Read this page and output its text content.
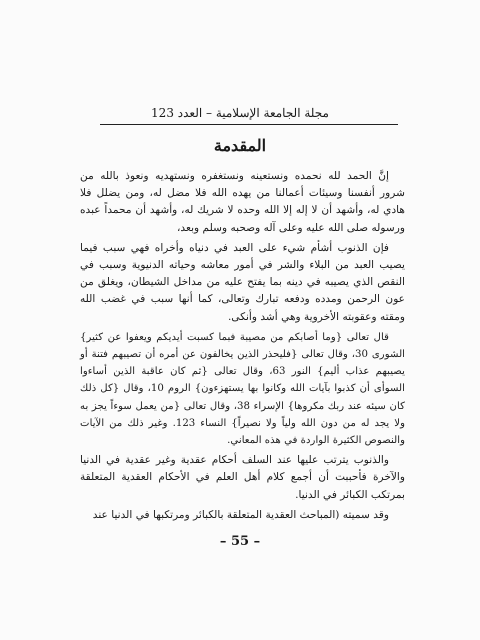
مجلة الجامعة الإسلامية – العدد 123
المقدمة

إنَّ الحمد لله نحمده ونستعينه ونستغفره ونستهديه ونعوذ بالله من شرور أنفسنا وسيئات أعمالنا من يهده الله فلا مضل له، ومن يضلل فلا هادي له، وأشهد أن لا إله إلا الله وحده لا شريك له، وأشهد أن محمداً عبده ورسوله صلى الله عليه وعلى آله وصحبه وسلم وبعد،

فإن الذنوب أشأم شيء على العبد في دنياه وأخراه فهي سبب فيما يصيب العبد من البلاء والشر في أمور معاشه وحياته الدنيوية وسبب في النقص الذي يصيبه في دينه بما يفتح عليه من مداخل الشيطان، ويغلق من عون الرحمن ومدده ودفعه تبارك وتعالى، كما أنها سبب في غضب الله ومقته وعقوبته الأخروية وهي أشد وأنكى.

قال تعالى {وما أصابكم من مصيبة فبما كسبت أيديكم ويعفوا عن كثير} الشورى 30، وقال تعالى {فليحذر الذين يخالفون عن أمره أن تصيبهم فتنة أو يصيبهم عذاب أليم} النور 63، وقال تعالى {ثم كان عاقبة الذين أساءوا السوأى أن كذبوا بآيات الله وكانوا بها يستهزءون} الروم 10، وقال {كل ذلك كان سيئه عند ربك مكروها} الإسراء 38، وقال تعالى {من يعمل سوءاً يجز به ولا يجد له من دون الله ولياً ولا نصيراً} النساء 123. وغير ذلك من الآيات والنصوص الكثيرة الواردة في هذه المعاني.

والذنوب يترتب عليها عند السلف أحكام عقدية وغير عقدية في الدنيا والآخرة فأحببت أن أجمع كلام أهل العلم في الأحكام العقدية المتعلقة بمرتكب الكبائر في الدنيا.

وقد سميته (المباحث العقدية المتعلقة بالكبائر ومرتكبها في الدنيا عند

– 55 –
